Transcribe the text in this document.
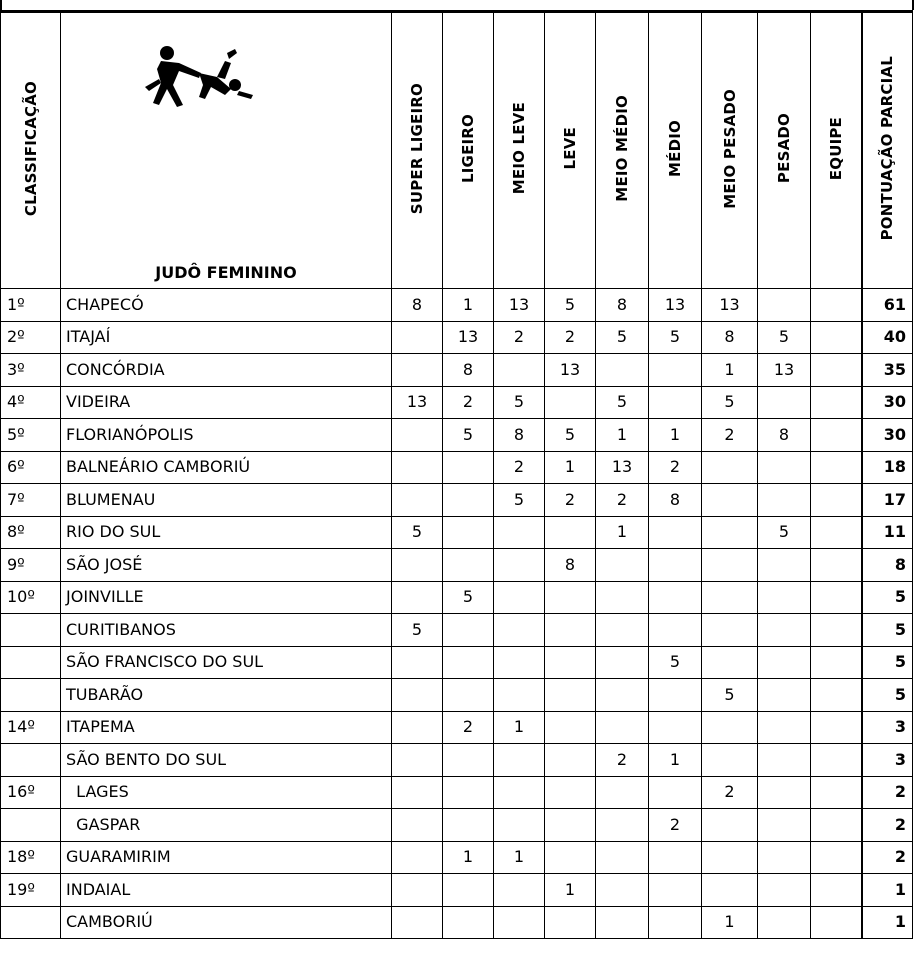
CLASSIFICAÇÃO	JUDÔ FEMININO	SUPER LIGEIRO	LIGEIRO	MEIO LEVE	LEVE	MEIO MÉDIO	MÉDIO	MEIO PESADO	PESADO	EQUIPE	PONTUAÇÃO PARCIAL
1º	CHAPECÓ	8	1	13	5	8	13	13			61
2º	ITAJAÍ		13	2	2	5	5	8	5		40
3º	CONCÓRDIA		8		13			1	13		35
4º	VIDEIRA	13	2	5		5		5			30
5º	FLORIANÓPOLIS		5	8	5	1	1	2	8		30
6º	BALNEÁRIO CAMBORIÚ			2	1	13	2				18
7º	BLUMENAU			5	2	2	8				17
8º	RIO DO SUL	5				1			5		11
9º	SÃO JOSÉ				8						8
10º	JOINVILLE		5								5
	CURITIBANOS	5									5
	SÃO FRANCISCO DO SUL						5				5
	TUBARÃO							5			5
14º	ITAPEMA		2	1							3
	SÃO BENTO DO SUL					2	1				3
16º	LAGES							2			2
	GASPAR						2				2
18º	GUARAMIRIM		1	1							2
19º	INDAIAL				1						1
	CAMBORIÚ							1			1
